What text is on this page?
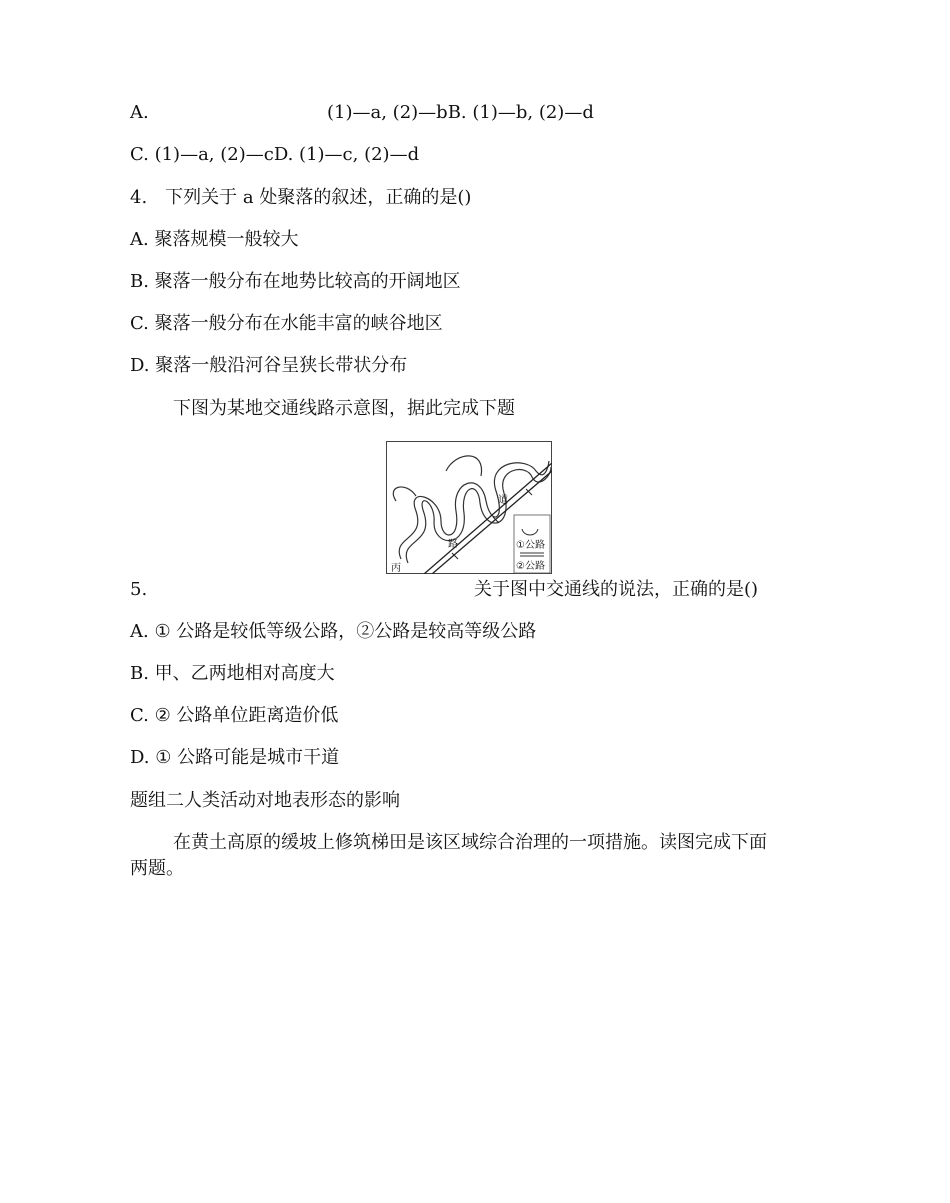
A.	(1)—a, (2)—bB. (1)—b, (2)—d
C. (1)—a, (2)—cD. (1)—c, (2)—d
4.　下列关于 a 处聚落的叙述，正确的是()
A. 聚落规模一般较大
B. 聚落一般分布在地势比较高的开阔地区
C. 聚落一般分布在水能丰富的峡谷地区
D. 聚落一般沿河谷呈狭长带状分布
下图为某地交通线路示意图，据此完成下题
道
路
丙
①公路
②公路
5.	关于图中交通线的说法，正确的是()
A. ① 公路是较低等级公路，②公路是较高等级公路
B. 甲、乙两地相对高度大
C. ② 公路单位距离造价低
D. ① 公路可能是城市干道
题组二人类活动对地表形态的影响
在黄土高原的缓坡上修筑梯田是该区域综合治理的一项措施。读图完成下面
两题。
